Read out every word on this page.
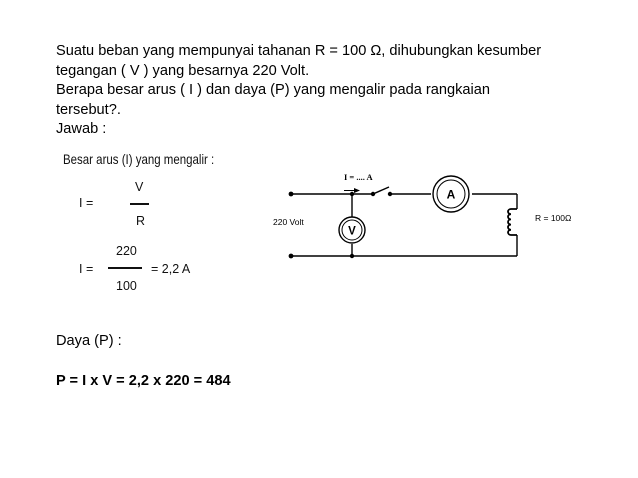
Suatu beban yang mempunyai tahanan R = 100 Ω, dihubungkan kesumber

tegangan ( V ) yang besarnya 220 Volt.

Berapa besar arus ( I ) dan daya (P) yang mengalir pada rangkaian

tersebut?.

Jawab :

Besar arus (I) yang mengalir :
I =
V
R
I =
220
100
= 2,2 A
I = .... A
220 Volt	R = 100Ω
A
V

Daya (P) :

P = I x V = 2,2 x 220 = 484
